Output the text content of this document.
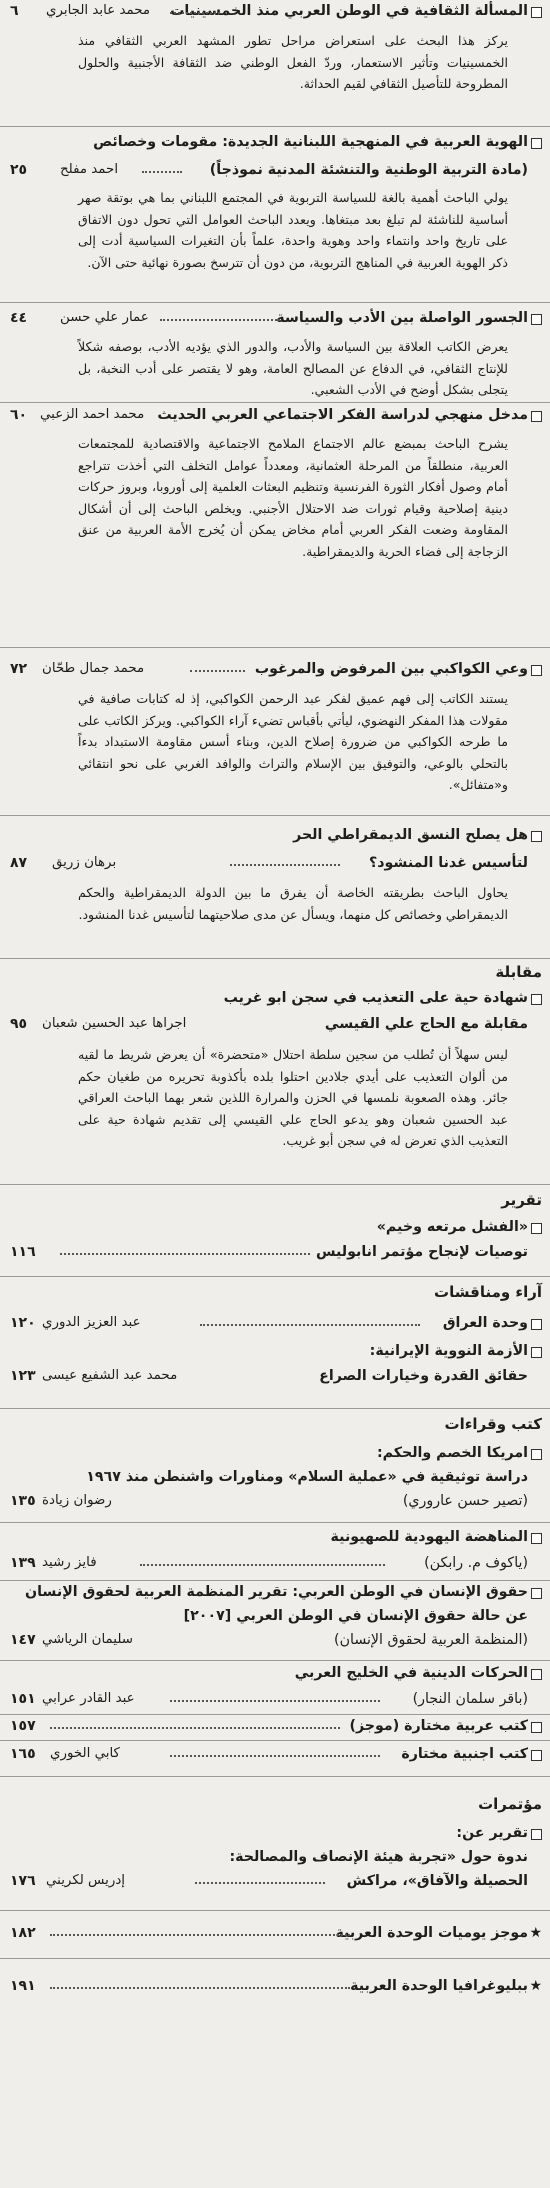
المسألة الثقافية في الوطن العربي منذ الخمسينيات
محمد عابد الجابري
٦
يركز هذا البحث على استعراض مراحل تطور المشهد العربي الثقافي منذ الخمسينيات وتأثير الاستعمار، وردّ الفعل الوطني ضد الثقافة الأجنبية والحلول المطروحة للتأصيل الثقافي لقيم الحداثة.
الهوية العربية في المنهجية اللبنانية الجديدة: مقومات وخصائص
(مادة التربية الوطنية والتنشئة المدنية نموذجاً)
احمد مفلح
٢٥
يولي الباحث أهمية بالغة للسياسة التربوية في المجتمع اللبناني بما هي بوتقة صهر أساسية للناشئة لم تبلغ بعد مبتغاها. ويعدد الباحث العوامل التي تحول دون الاتفاق على تاريخ واحد وانتماء واحد وهوية واحدة، علماً بأن التغيرات السياسية أدت إلى ذكر الهوية العربية في المناهج التربوية، من دون أن تترسخ بصورة نهائية حتى الآن.
الجسور الواصلة بين الأدب والسياسة
عمار علي حسن
٤٤
يعرض الكاتب العلاقة بين السياسة والأدب، والدور الذي يؤديه الأدب، بوصفه شكلاً للإنتاج الثقافي، في الدفاع عن المصالح العامة، وهو لا يقتصر على أدب النخبة، بل يتجلى بشكل أوضح في الأدب الشعبي.
مدخل منهجي لدراسة الفكر الاجتماعي العربي الحديث
محمد احمد الزعبي
٦٠
يشرح الباحث بمبضع عالم الاجتماع الملامح الاجتماعية والاقتصادية للمجتمعات العربية، منطلقاً من المرحلة العثمانية، ومعدداً عوامل التخلف التي أخذت تتراجع أمام وصول أفكار الثورة الفرنسية وتنظيم البعثات العلمية إلى أوروبا، وبروز حركات دينية إصلاحية وقيام ثورات ضد الاحتلال الأجنبي. ويخلص الباحث إلى أن أشكال المقاومة وضعت الفكر العربي أمام مخاض يمكن أن يُخرج الأمة العربية من عنق الزجاجة إلى فضاء الحرية والديمقراطية.
وعي الكواكبي بين المرفوض والمرغوب
محمد جمال طحّان
٧٢
يستند الكاتب إلى فهم عميق لفكر عبد الرحمن الكواكبي، إذ له كتابات صافية في مقولات هذا المفكر النهضوي، ليأتي بأقباس تضيء آراء الكواكبي. ويركز الكاتب على ما طرحه الكواكبي من ضرورة إصلاح الدين، وبناء أسس مقاومة الاستبداد بدءاً بالتحلي بالوعي، والتوفيق بين الإسلام والتراث والوافد الغربي على نحو انتقائي و«متفائل».
هل يصلح النسق الديمقراطي الحر
لتأسيس غدنا المنشود؟
برهان زريق
٨٧
يحاول الباحث بطريقته الخاصة أن يفرق ما بين الدولة الديمقراطية والحكم الديمقراطي وخصائص كل منهما، ويسأل عن مدى صلاحيتهما لتأسيس غدنا المنشود.
مقابلة
شهادة حية على التعذيب في سجن ابو غريب
مقابلة مع الحاج علي القيسي
اجراها عبد الحسين شعبان
٩٥
ليس سهلاً أن تُطلب من سجين سلطة احتلال «متحضرة» أن يعرض شريط ما لقيه من ألوان التعذيب على أيدي جلادين احتلوا بلده بأكذوبة تحريره من طغيان حكم جائر. وهذه الصعوبة نلمسها في الحزن والمرارة اللذين شعر بهما الباحث العراقي عبد الحسين شعبان وهو يدعو الحاج علي القيسي إلى تقديم شهادة حية على التعذيب الذي تعرض له في سجن أبو غريب.
تقرير
«الفشل مرتعه وخيم»
توصيات لإنجاح مؤتمر انابوليس
١١٦
آراء ومناقشات
وحدة العراق
عبد العزيز الدوري
١٢٠
الأزمة النووية الإيرانية:
حقائق القدرة وخيارات الصراع
محمد عبد الشفيع عيسى
١٢٣
كتب وقراءات
امريكا الخصم والحكم:
دراسة توثيقية في «عملية السلام» ومناورات واشنطن منذ ١٩٦٧
(تصير حسن عاروري)
رضوان زيادة
١٣٥
المناهضة اليهودية للصهيونية
(ياكوف م. رابكن)
فايز رشيد
١٣٩
حقوق الإنسان في الوطن العربي: تقرير المنظمة العربية لحقوق الإنسان
عن حالة حقوق الإنسان في الوطن العربي [٢٠٠٧]
(المنظمة العربية لحقوق الإنسان)
سليمان الرياشي
١٤٧
الحركات الدينية في الخليج العربي
(باقر سلمان النجار)
عبد القادر عرابي
١٥١
كتب عربية مختارة (موجز)
١٥٧
كتب اجنبية مختارة
كابي الخوري
١٦٥
مؤتمرات
تقرير عن:
ندوة حول «تجربة هيئة الإنصاف والمصالحة:
الحصيلة والآفاق»، مراكش
إدريس لكريني
١٧٦
★
موجز يوميات الوحدة العربية
١٨٢
★
ببليوغرافيا الوحدة العربية
١٩١
